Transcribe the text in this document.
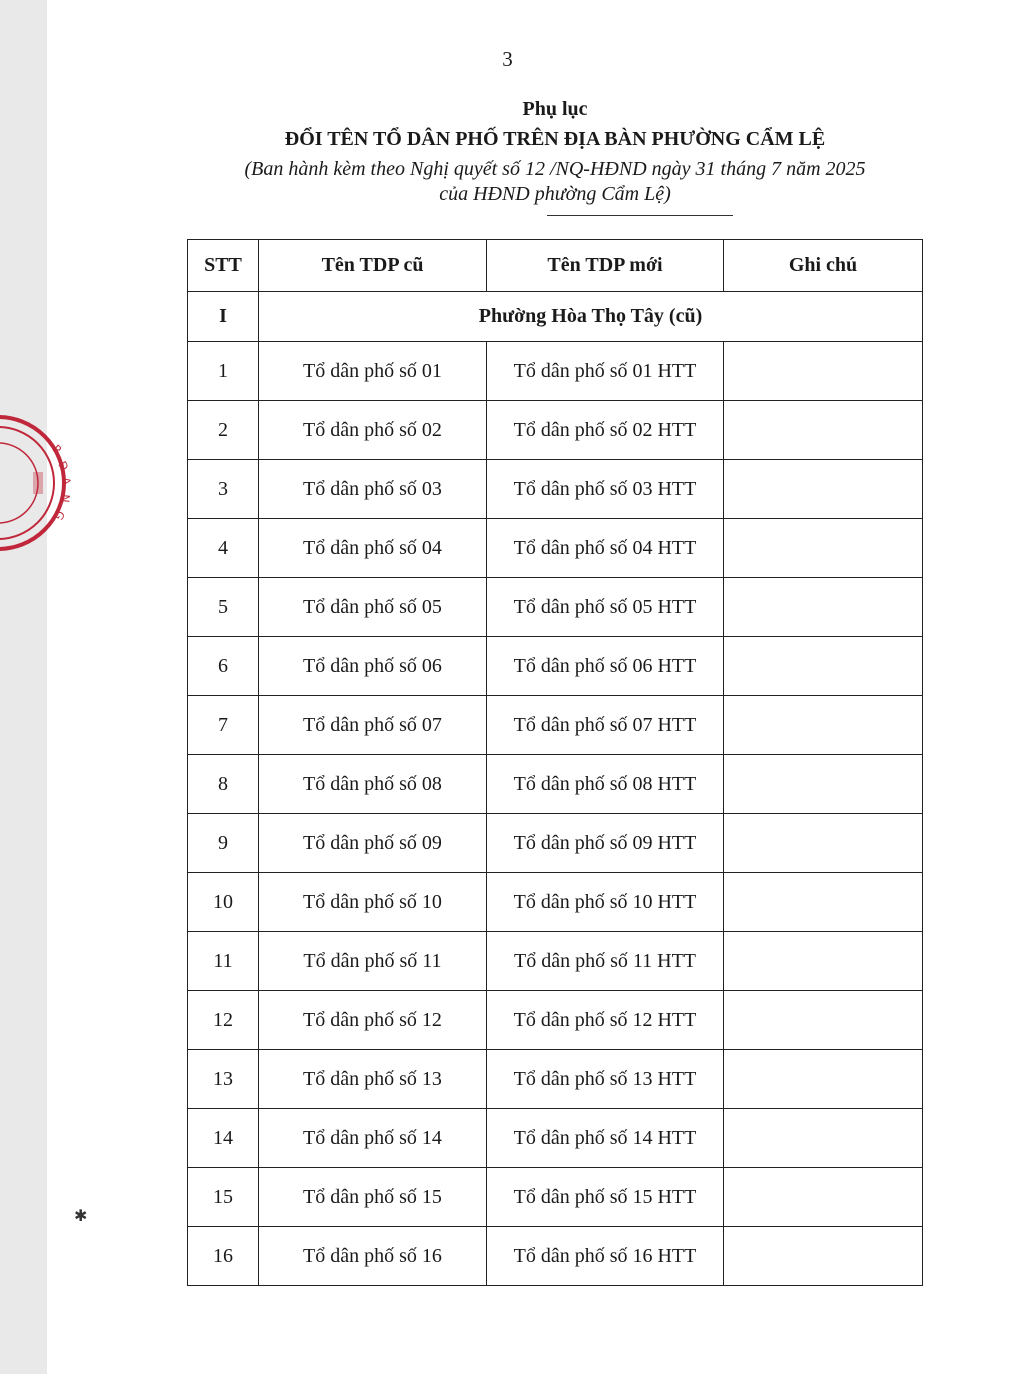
P
Đ
A
N
G
✱
3
Phụ lục
ĐỔI TÊN TỔ DÂN PHỐ TRÊN ĐỊA BÀN PHƯỜNG CẨM LỆ
(Ban hành kèm theo Nghị quyết số 12 /NQ-HĐND ngày 31 tháng 7 năm 2025
của HĐND phường Cẩm Lệ)
STT	Tên TDP cũ	Tên TDP mới	Ghi chú
I	Phường Hòa Thọ Tây (cũ)		
1	Tổ dân phố số 01	Tổ dân phố số 01 HTT	
2	Tổ dân phố số 02	Tổ dân phố số 02 HTT	
3	Tổ dân phố số 03	Tổ dân phố số 03 HTT	
4	Tổ dân phố số 04	Tổ dân phố số 04 HTT	
5	Tổ dân phố số 05	Tổ dân phố số 05 HTT	
6	Tổ dân phố số 06	Tổ dân phố số 06 HTT	
7	Tổ dân phố số 07	Tổ dân phố số 07 HTT	
8	Tổ dân phố số 08	Tổ dân phố số 08 HTT	
9	Tổ dân phố số 09	Tổ dân phố số 09 HTT	
10	Tổ dân phố số 10	Tổ dân phố số 10 HTT	
11	Tổ dân phố số 11	Tổ dân phố số 11 HTT	
12	Tổ dân phố số 12	Tổ dân phố số 12 HTT	
13	Tổ dân phố số 13	Tổ dân phố số 13 HTT	
14	Tổ dân phố số 14	Tổ dân phố số 14 HTT	
15	Tổ dân phố số 15	Tổ dân phố số 15 HTT	
16	Tổ dân phố số 16	Tổ dân phố số 16 HTT	
